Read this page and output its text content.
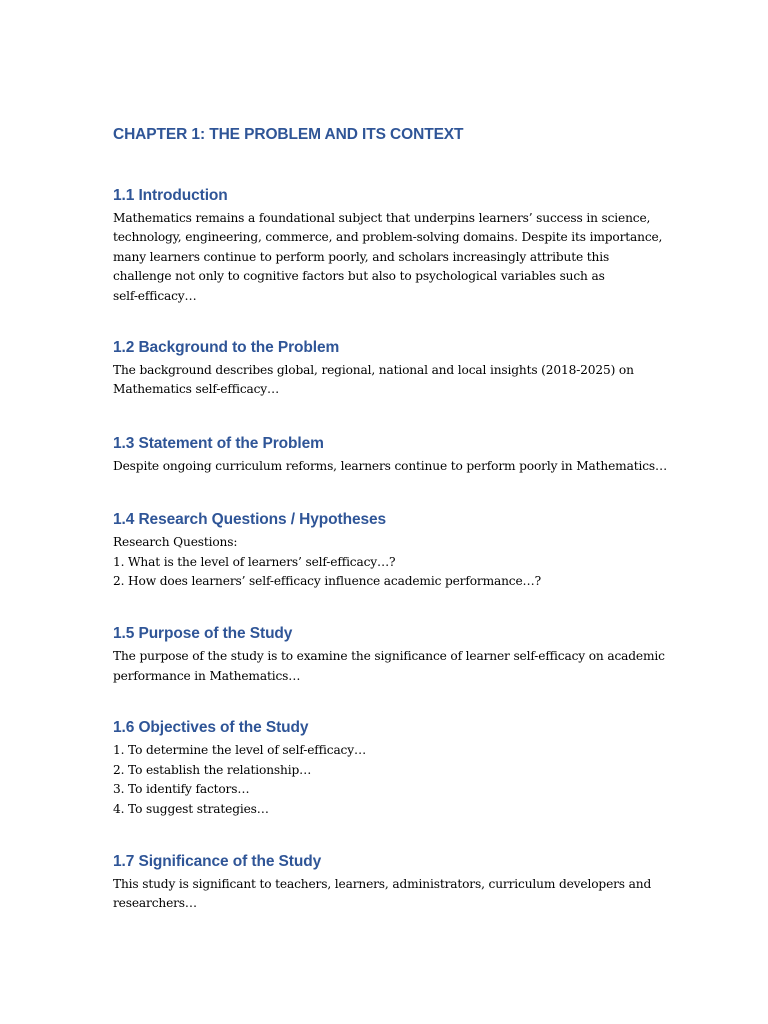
CHAPTER 1: THE PROBLEM AND ITS CONTEXT
1.1 Introduction

Mathematics remains a foundational subject that underpins learners’ success in science,
technology, engineering, commerce, and problem-solving domains. Despite its importance,
many learners continue to perform poorly, and scholars increasingly attribute this
challenge not only to cognitive factors but also to psychological variables such as
self-efficacy…

1.2 Background to the Problem

The background describes global, regional, national and local insights (2018-2025) on
Mathematics self-efficacy…

1.3 Statement of the Problem

Despite ongoing curriculum reforms, learners continue to perform poorly in Mathematics…

1.4 Research Questions / Hypotheses

Research Questions:
1. What is the level of learners’ self-efficacy…?
2. How does learners’ self-efficacy influence academic performance…?

1.5 Purpose of the Study

The purpose of the study is to examine the significance of learner self-efficacy on academic
performance in Mathematics…

1.6 Objectives of the Study

1. To determine the level of self-efficacy…
2. To establish the relationship…
3. To identify factors…
4. To suggest strategies…

1.7 Significance of the Study

This study is significant to teachers, learners, administrators, curriculum developers and
researchers…
